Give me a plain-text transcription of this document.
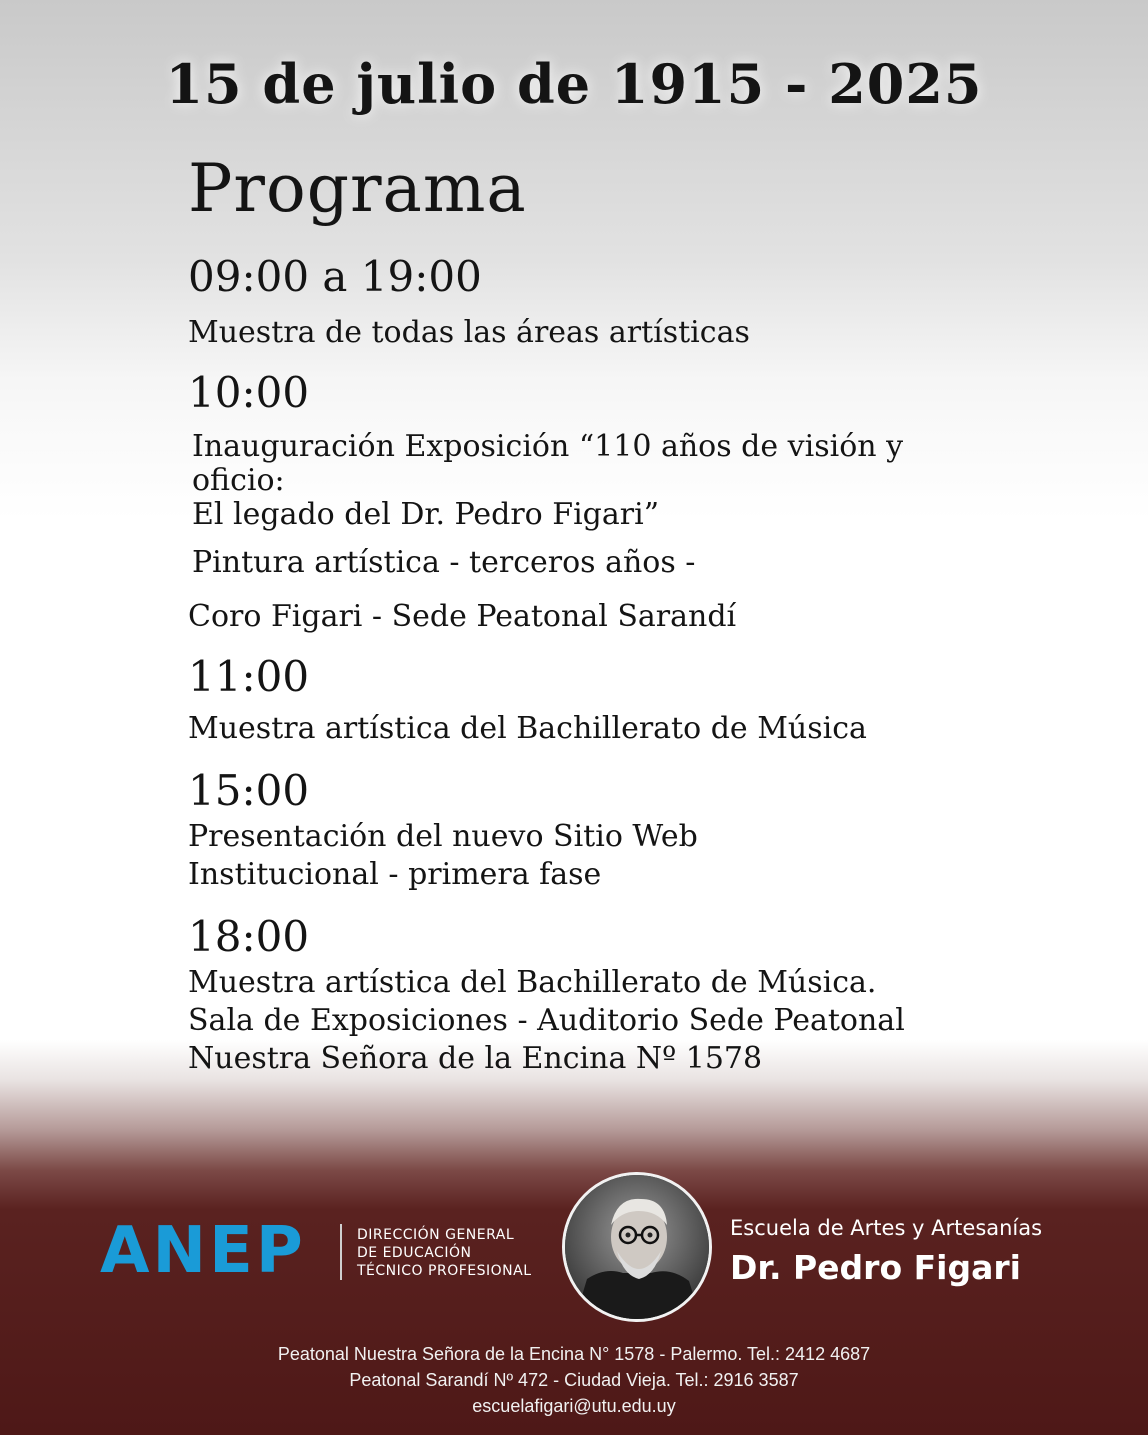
15 de julio de 1915 - 2025
Programa
09:00 a 19:00
Muestra de todas las áreas artísticas
10:00
Inauguración Exposición “110 años de visión y
oficio:
El legado del Dr. Pedro Figari”
Pintura artística - terceros años -
Coro Figari - Sede Peatonal Sarandí
11:00
Muestra artística del Bachillerato de Música
15:00
Presentación del nuevo Sitio Web
Institucional - primera fase
18:00
Muestra artística del Bachillerato de Música.
Sala de Exposiciones - Auditorio Sede Peatonal
Nuestra Señora de la Encina Nº 1578
ANEP	DIRECCIÓN GENERAL
DE EDUCACIÓN
TÉCNICO PROFESIONAL
Escuela de Artes y Artesanías
Dr. Pedro Figari
Peatonal Nuestra Señora de la Encina N° 1578 - Palermo. Tel.: 2412 4687
Peatonal Sarandí Nº 472 - Ciudad Vieja. Tel.: 2916 3587
escuelafigari@utu.edu.uy
